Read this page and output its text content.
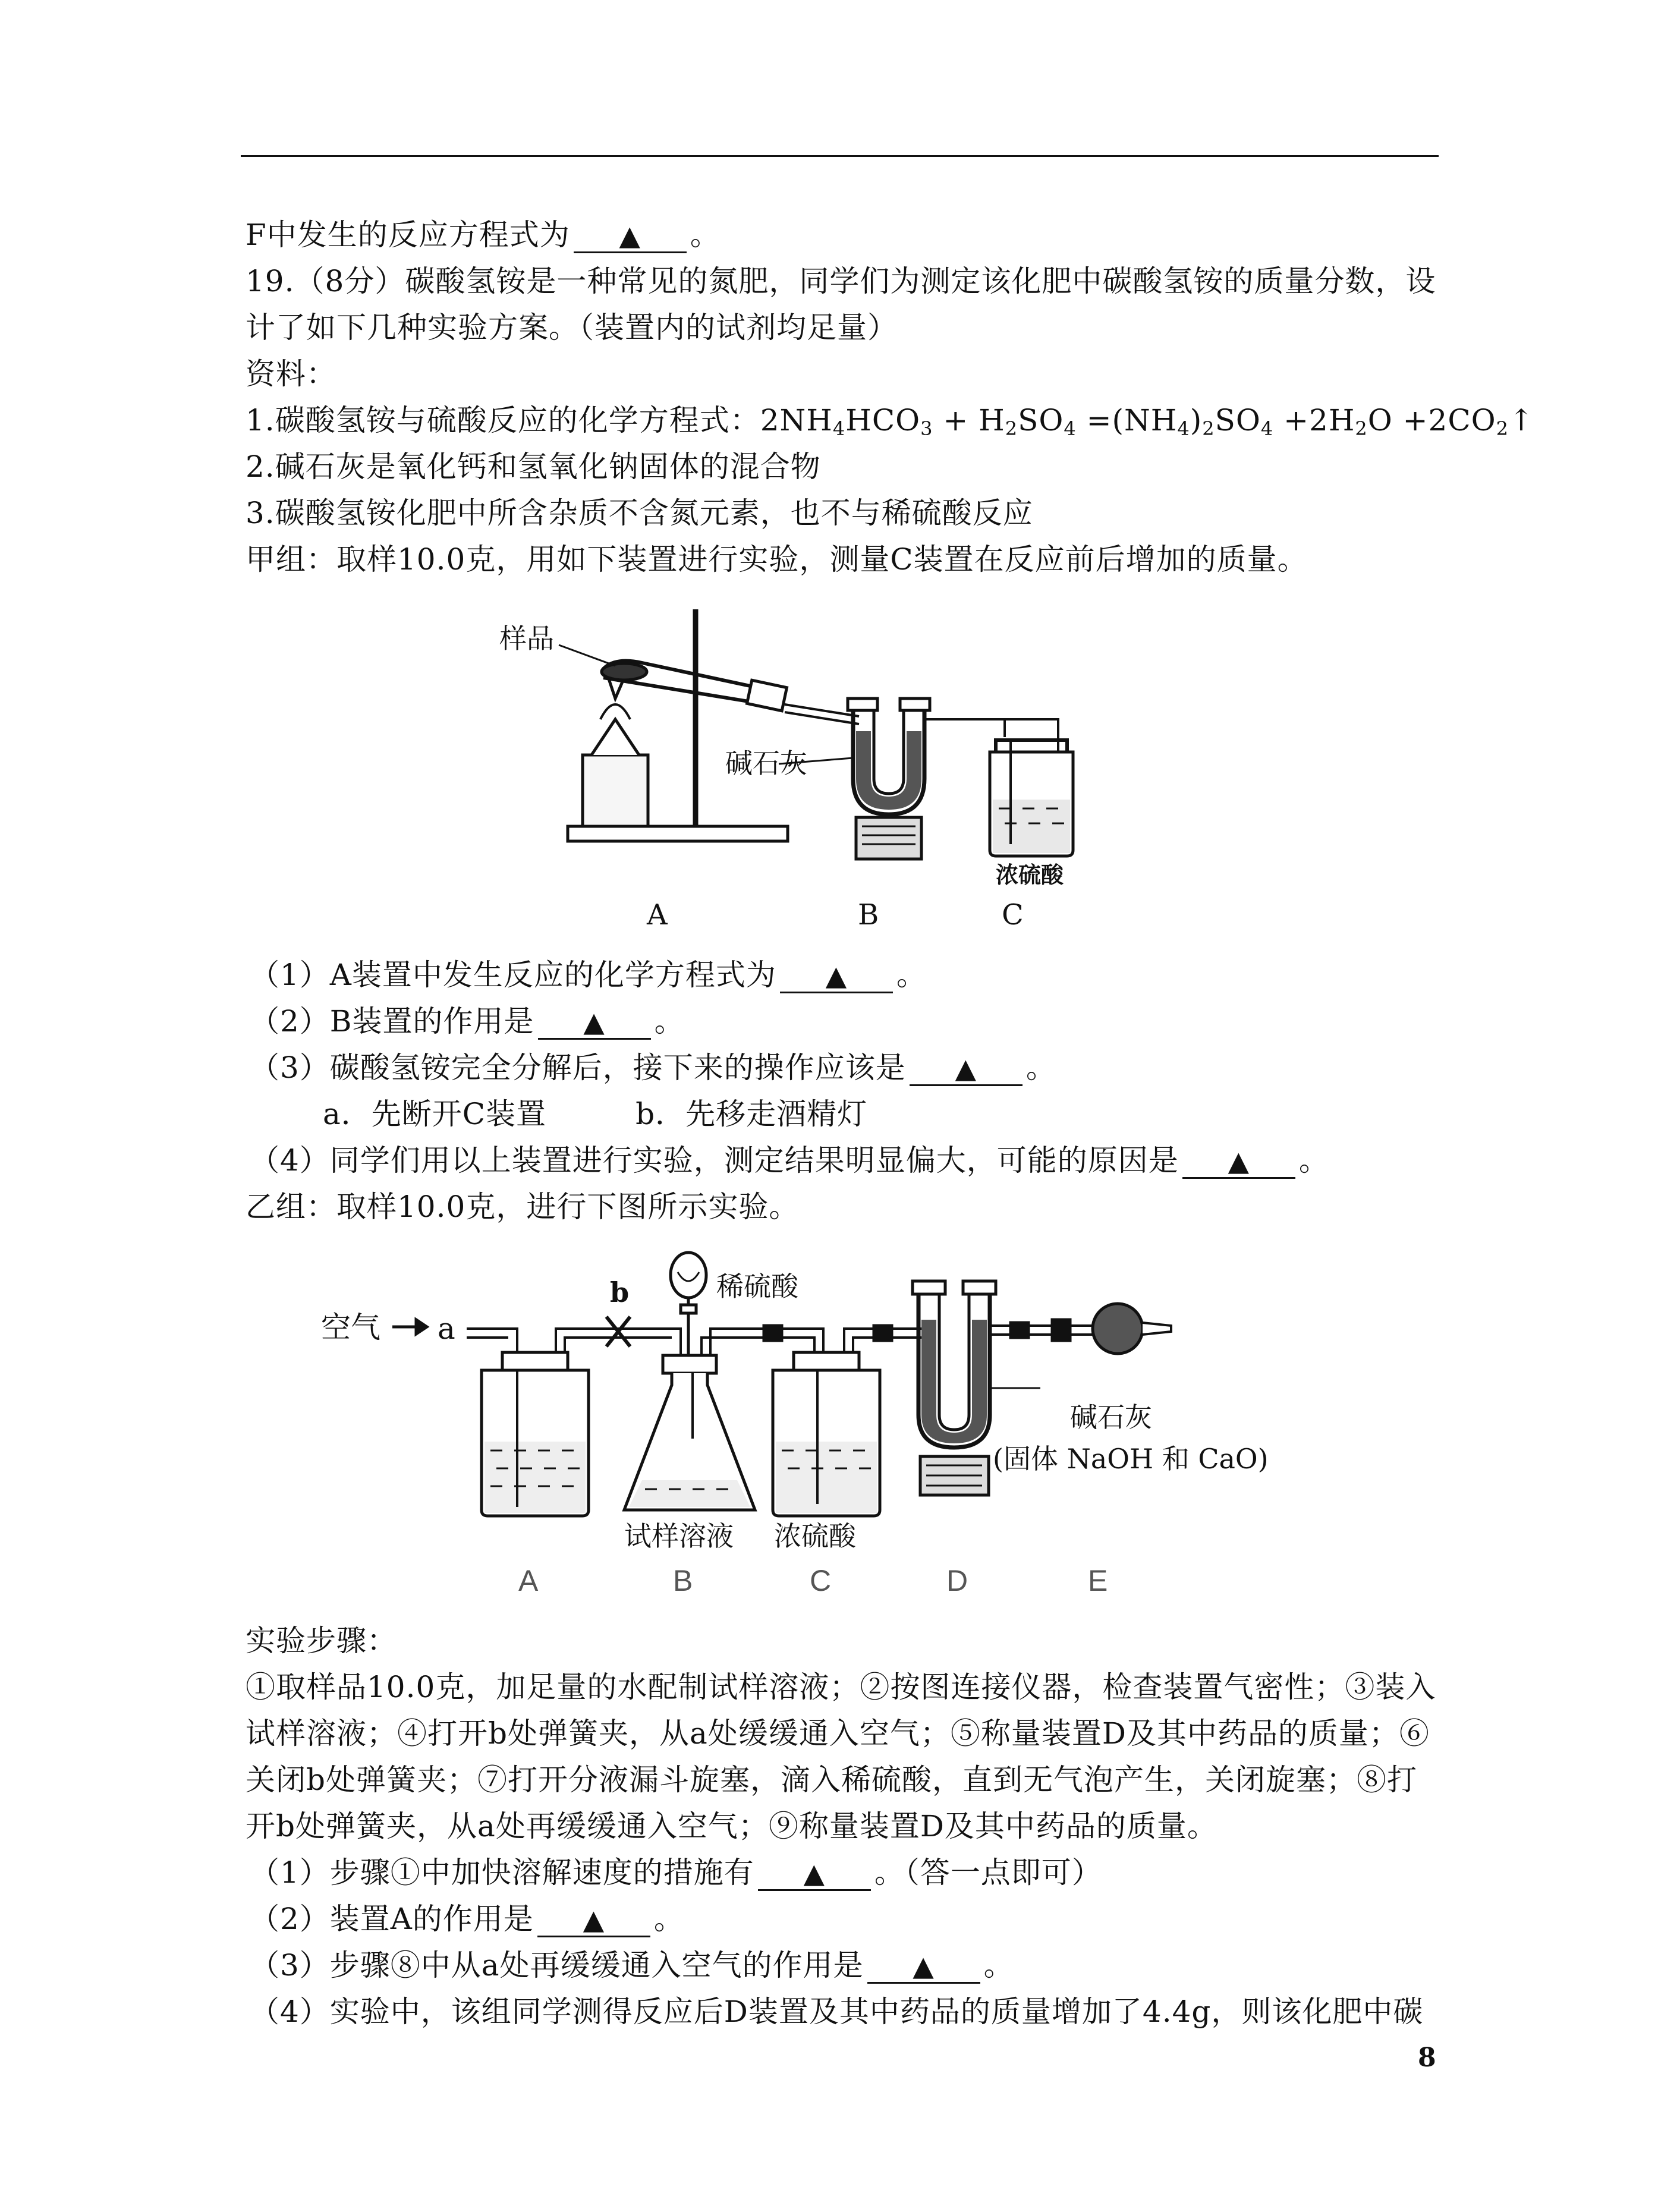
F中发生的反应方程式为 ▲ 。
19.（8分）碳酸氢铵是一种常见的氮肥，同学们为测定该化肥中碳酸氢铵的质量分数，设
计了如下几种实验方案。（装置内的试剂均足量）
资料：
1.碳酸氢铵与硫酸反应的化学方程式：$2NH_4HCO_3 + H_2SO_4 =(NH_4)_2SO_4 +2H_2O$ $+2CO_2↑$
2.碱石灰是氧化钙和氢氧化钠固体的混合物
3.碳酸氢铵化肥中所含杂质不含氮元素，也不与稀硫酸反应
甲组：取样10.0克，用如下装置进行实验，测量C装置在反应前后增加的质量。
样品
碱石灰
浓硫酸
A	B	C
（1）A装置中发生反应的化学方程式为 ▲ 。
（2）B装置的作用是 ▲ 。
（3）碳酸氢铵完全分解后，接下来的操作应该是 ▲ 。
a．先断开C装置	b．先移走酒精灯
（4）同学们用以上装置进行实验，测定结果明显偏大，可能的原因是 ▲ 。
乙组：取样10.0克，进行下图所示实验。
空气 a
b	稀硫酸
碱石灰
(固体 NaOH 和 CaO)
试样溶液 浓硫酸
A	B	C	D	E
实验步骤：
①取样品10.0克，加足量的水配制试样溶液；②按图连接仪器，检查装置气密性；③装入
试样溶液；④打开b处弹簧夹，从a处缓缓通入空气；⑤称量装置D及其中药品的质量；⑥
关闭b处弹簧夹；⑦打开分液漏斗旋塞，滴入稀硫酸，直到无气泡产生，关闭旋塞；⑧打
开b处弹簧夹，从a处再缓缓通入空气；⑨称量装置D及其中药品的质量。
（1）步骤①中加快溶解速度的措施有 ▲ 。（答一点即可）
（2）装置A的作用是 ▲ 。
（3）步骤⑧中从a处再缓缓通入空气的作用是 ▲ 。
（4）实验中，该组同学测得反应后D装置及其中药品的质量增加了4.4g，则该化肥中碳
8
